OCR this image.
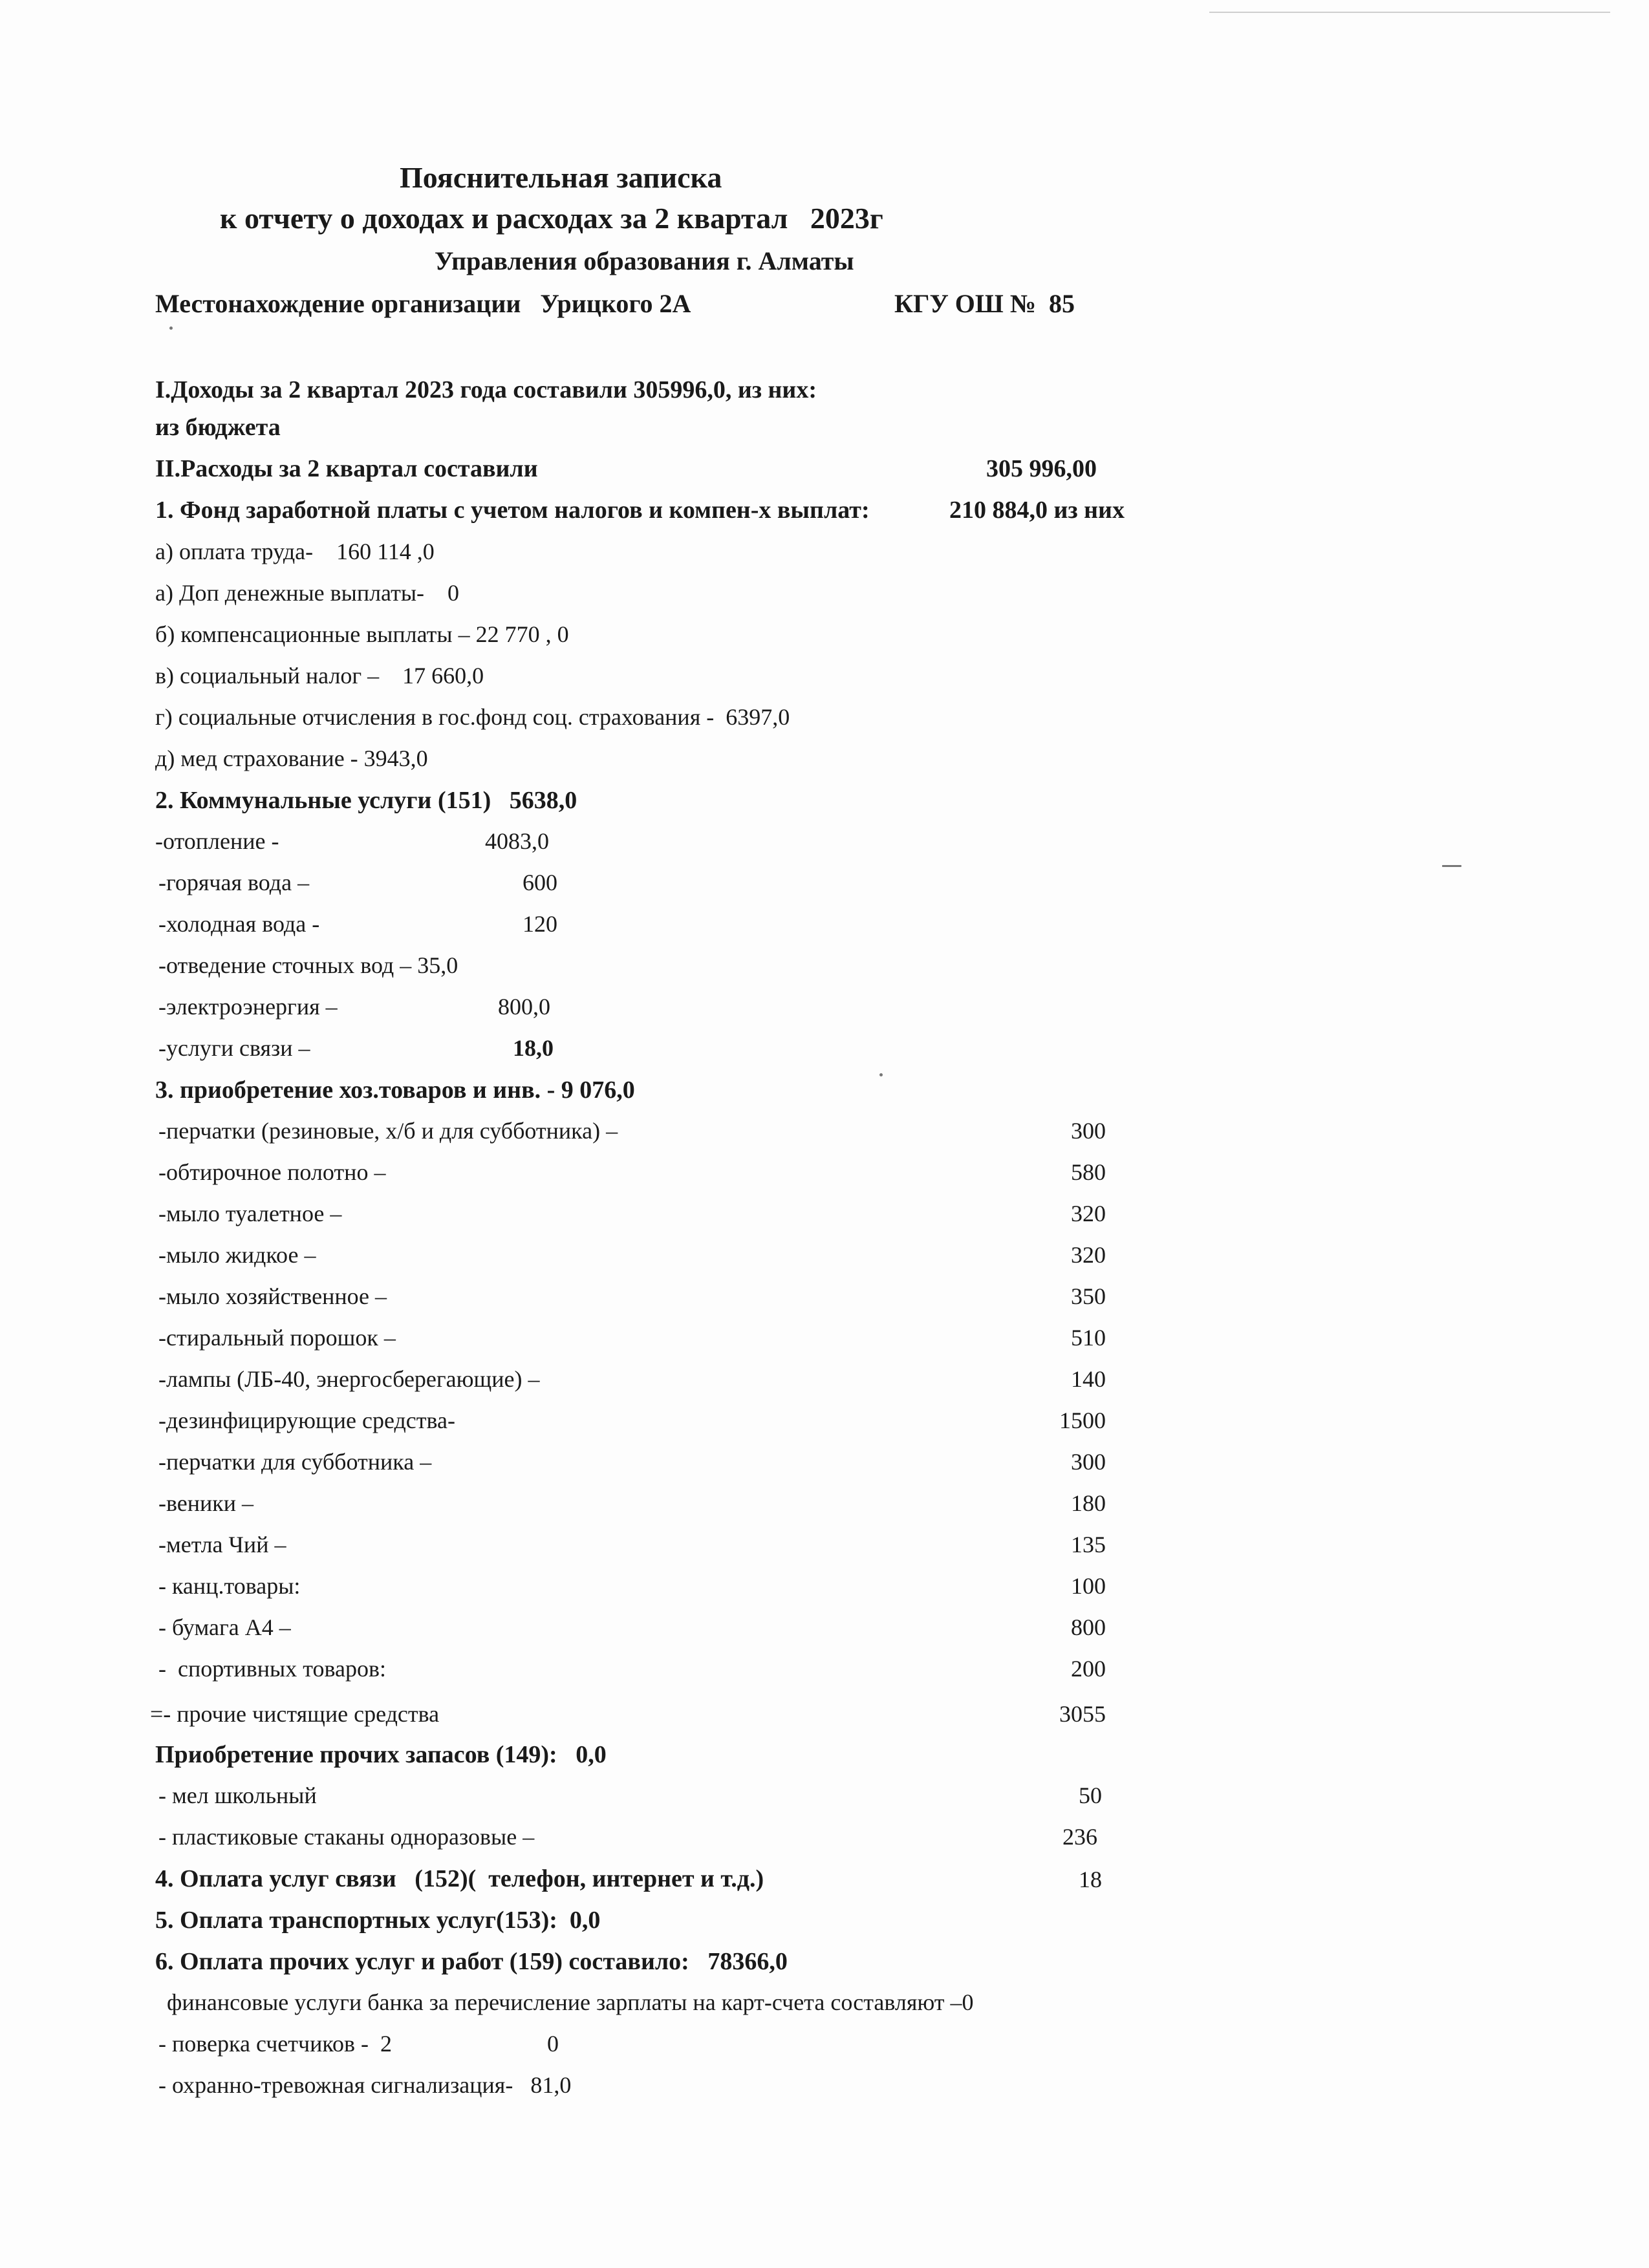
Пояснительная записка
к отчету о доходах и расходах за 2 квартал   2023г
Управления образования г. Алматы
Местонахождение организации   Урицкого 2А	КГУ ОШ №  85
I.Доходы за 2 квартал 2023 года составили 305996,0, из них:
из бюджета
II.Расходы за 2 квартал составили	305 996,00
1. Фонд заработной платы с учетом налогов и компен-х выплат:	210 884,0 из них
а) оплата труда-    160 114 ,0
а) Доп денежные выплаты-    0
б) компенсационные выплаты – 22 770 , 0
в) социальный налог –    17 660,0
г) социальные отчисления в гос.фонд соц. страхования -  6397,0
д) мед страхование - 3943,0
2. Коммунальные услуги (151)   5638,0
-отопление -	4083,0
-горячая вода –	600
-холодная вода -	120
-отведение сточных вод – 35,0
-электроэнергия –	800,0
-услуги связи –	18,0
3. приобретение хоз.товаров и инв. - 9 076,0
-перчатки (резиновые, х/б и для субботника) –	300
-обтирочное полотно –	580
-мыло туалетное –	320
-мыло жидкое –	320
-мыло хозяйственное –	350
-стиральный порошок –	510
-лампы (ЛБ-40, энергосберегающие) –	140
-дезинфицирующие средства-	1500
-перчатки для субботника –	300
-веники –	180
-метла Чий –	135
- канц.товары:	100
- бумага А4 –	800
-  спортивных товаров:	200
=- прочие чистящие средства	3055
Приобретение прочих запасов (149):   0,0
- мел школьный	50
- пластиковые стаканы одноразовые –	236
4. Оплата услуг связи   (152)(  телефон, интернет и т.д.)	18
5. Оплата транспортных услуг(153):  0,0
6. Оплата прочих услуг и работ (159) составило:   78366,0
финансовые услуги банка за перечисление зарплаты на карт-счета составляют –0
- поверка счетчиков -  2	0
- охранно-тревожная сигнализация-   81,0
